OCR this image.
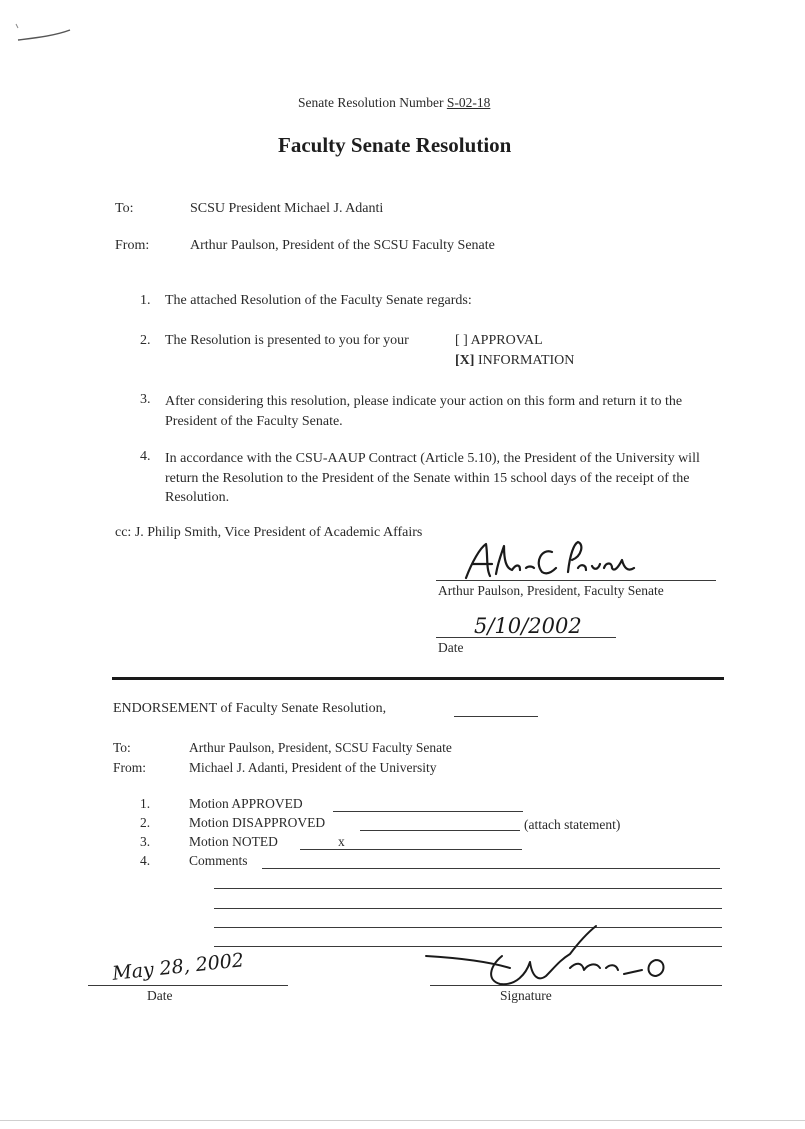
Senate Resolution Number S-02-18
Faculty Senate Resolution
To:	SCSU President Michael J. Adanti
From:	Arthur Paulson, President of the SCSU Faculty Senate
1. The attached Resolution of the Faculty Senate regards:
2. The Resolution is presented to you for your	[ ] APPROVAL
[X] INFORMATION
3. After considering this resolution, please indicate your action on this form and return it to the President of the Faculty Senate.
4. In accordance with the CSU-AAUP Contract (Article 5.10), the President of the University will return the Resolution to the President of the Senate within 15 school days of the receipt of the Resolution.
cc: J. Philip Smith, Vice President of Academic Affairs
Arthur Paulson, President, Faculty Senate
5/10/2002
Date
ENDORSEMENT of Faculty Senate Resolution,
To:	Arthur Paulson, President, SCSU Faculty Senate
From:	Michael J. Adanti, President of the University
1.	Motion APPROVED
2.	Motion DISAPPROVED	(attach statement)
3.	Motion NOTED	x
4.	Comments
May 28, 2002
Date	Signature
